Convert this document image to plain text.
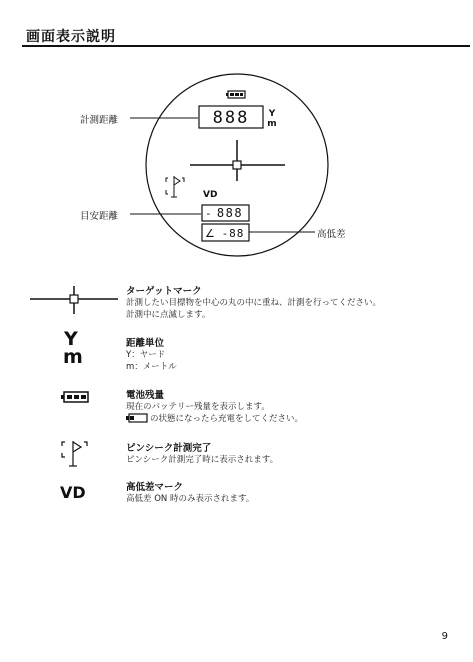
画面表示説明
888 Y
m
VD
- 888
∠ -88
計測距離
目安距離
高低差
Y
m
VD
ターゲットマーク
計測したい目標物を中心の丸の中に重ね、計測を行ってください。
計測中に点滅します。
距離単位
Y：ヤード
m：メートル
電池残量
現在のバッテリー残量を表示します。
の状態になったら充電をしてください。
ピンシーク計測完了
ピンシーク計測完了時に表示されます。
高低差マーク
高低差 ON 時のみ表示されます。
9
